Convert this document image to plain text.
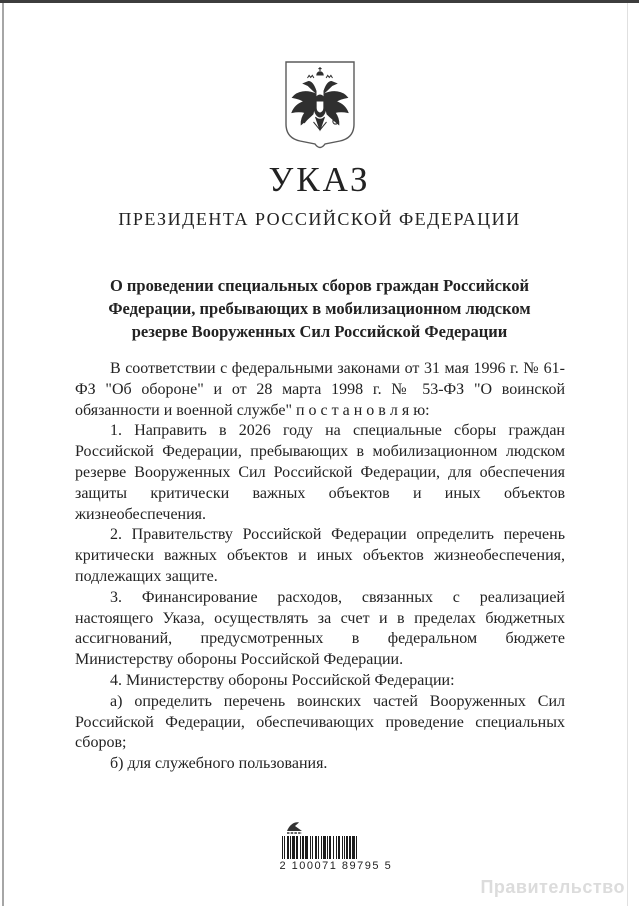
УКАЗ
ПРЕЗИДЕНТА РОССИЙСКОЙ ФЕДЕРАЦИИ
О проведении специальных сборов граждан Российской Федерации, пребывающих в мобилизационном людском резерве Вооруженных Сил Российской Федерации

В соответствии с федеральными законами от 31 мая 1996 г. № 61-ФЗ "Об обороне" и от 28 марта 1998 г. № 53-ФЗ "О воинской обязанности и военной службе" п о с т а н о в л я ю:

1. Направить в 2026 году на специальные сборы граждан Российской Федерации, пребывающих в мобилизационном людском резерве Вооруженных Сил Российской Федерации, для обеспечения защиты критически важных объектов и иных объектов жизнеобеспечения.

2. Правительству Российской Федерации определить перечень критически важных объектов и иных объектов жизнеобеспечения, подлежащих защите.

3. Финансирование расходов, связанных с реализацией настоящего Указа, осуществлять за счет и в пределах бюджетных ассигнований, предусмотренных в федеральном бюджете Министерству обороны Российской Федерации.

4. Министерству обороны Российской Федерации:

а) определить перечень воинских частей Вооруженных Сил Российской Федерации, обеспечивающих проведение специальных сборов;

б) для служебного пользования.

2 100071 89795 5
Правительство
